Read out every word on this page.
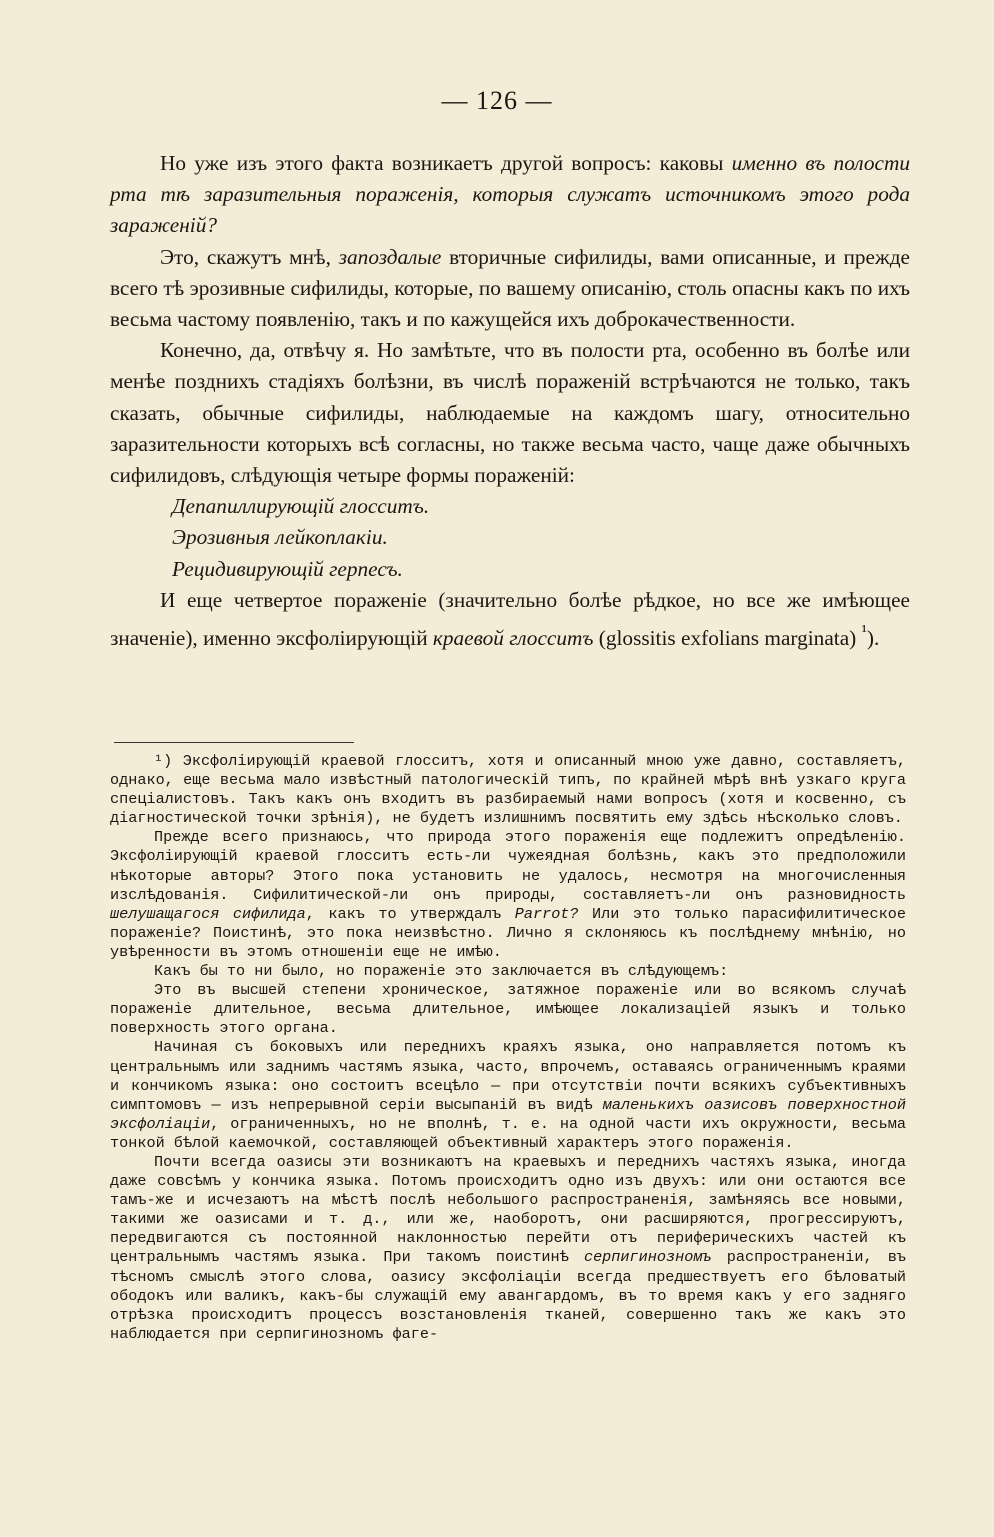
— 126 —

Но уже изъ этого факта возникаетъ другой вопросъ: каковы именно въ полости рта тѣ заразительныя пораженія, которыя служатъ источникомъ этого рода зараженій?

Это, скажутъ мнѣ, запоздалые вторичные сифилиды, вами описанные, и прежде всего тѣ эрозивные сифилиды, которые, по вашему описанію, столь опасны какъ по ихъ весьма частому появленію, такъ и по кажущейся ихъ доброкачественности.

Конечно, да, отвѣчу я. Но замѣтьте, что въ полости рта, особенно въ болѣе или менѣе позднихъ стадіяхъ болѣзни, въ числѣ пораженій встрѣчаются не только, такъ сказать, обычные сифилиды, наблюдаемые на каждомъ шагу, относительно заразительности которыхъ всѣ согласны, но также весьма часто, чаще даже обычныхъ сифилидовъ, слѣдующія четыре формы пораженій:

Депапиллирующій глосситъ.
Эрозивныя лейкоплакіи.
Рецидивирующій герпесъ.

И еще четвертое пораженіе (значительно болѣе рѣдкое, но все же имѣющее значеніе), именно эксфоліирующій краевой глосситъ (glossitis exfolians marginata) $^{^1}$).

¹) Эксфоліирующій краевой глосситъ, хотя и описанный мною уже давно, составляетъ, однако, еще весьма мало извѣстный патологическій типъ, по крайней мѣрѣ внѣ узкаго круга спеціалистовъ. Такъ какъ онъ входитъ въ разбираемый нами вопросъ (хотя и косвенно, съ діагностической точки зрѣнія), не будетъ излишнимъ посвятить ему здѣсь нѣсколько словъ.

Прежде всего признаюсь, что природа этого пораженія еще подлежитъ опредѣленію. Эксфоліирующій краевой глосситъ есть-ли чужеядная болѣзнь, какъ это предположили нѣкоторые авторы? Этого пока установить не удалось, несмотря на многочисленныя изслѣдованія. Сифилитической-ли онъ природы, составляетъ-ли онъ разновидность шелушащагося сифилида, какъ то утверждалъ Parrot? Или это только парасифилитическое пораженіе? Поистинѣ, это пока неизвѣстно. Лично я склоняюсь къ послѣднему мнѣнію, но увѣренности въ этомъ отношеніи еще не имѣю.

Какъ бы то ни было, но пораженіе это заключается въ слѣдующемъ:

Это въ высшей степени хроническое, затяжное пораженіе или во всякомъ случаѣ пораженіе длительное, весьма длительное, имѣющее локализаціей языкъ и только поверхность этого органа.

Начиная съ боковыхъ или переднихъ краяхъ языка, оно направляется потомъ къ центральнымъ или заднимъ частямъ языка, часто, впрочемъ, оставаясь ограниченнымъ краями и кончикомъ языка: оно состоитъ всецѣло — при отсутствіи почти всякихъ субъективныхъ симптомовъ — изъ непрерывной серіи высыпаній въ видѣ маленькихъ оазисовъ поверхностной эксфоліаціи, ограниченныхъ, но не вполнѣ, т. е. на одной части ихъ окружности, весьма тонкой бѣлой каемочкой, составляющей объективный характеръ этого пораженія.

Почти всегда оазисы эти возникаютъ на краевыхъ и переднихъ частяхъ языка, иногда даже совсѣмъ у кончика языка. Потомъ происходитъ одно изъ двухъ: или они остаются все тамъ-же и исчезаютъ на мѣстѣ послѣ небольшого распространенія, замѣняясь все новыми, такими же оазисами и т. д., или же, наоборотъ, они расширяются, прогрессируютъ, передвигаются съ постоянной наклонностью перейти отъ периферическихъ частей къ центральнымъ частямъ языка. При такомъ поистинѣ серпигинозномъ распространеніи, въ тѣсномъ смыслѣ этого слова, оазису эксфоліаціи всегда предшествуетъ его бѣловатый ободокъ или валикъ, какъ-бы служащій ему авангардомъ, въ то время какъ у его задняго отрѣзка происходитъ процессъ возстановленія тканей, совершенно такъ же какъ это наблюдается при серпигинозномъ фаге-
